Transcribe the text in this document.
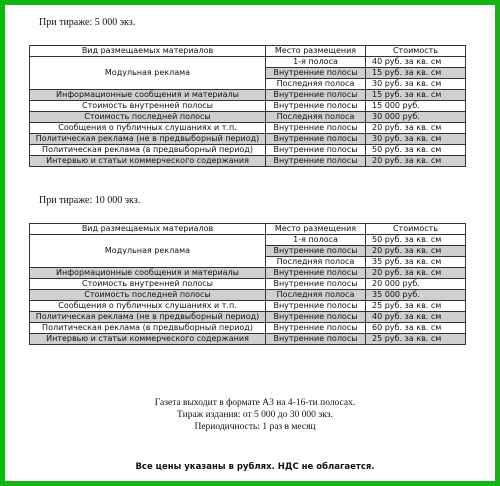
При тираже: 5 000 экз.
Вид размещаемых материалов	Место размещения	Стоимость
Модульная реклама	1-я полоса	40 руб. за кв. см
	Внутренние полосы	15 руб. за кв. см
	Последняя полоса	30 руб. за кв. см
Информационные сообщения и материалы	Внутренние полосы	15 руб. за кв. см
Стоимость внутренней полосы	Внутренние полосы	15 000 руб.
Стоимость последней полосы	Последняя полоса	30 000 руб.
Сообщения о публичных слушаниях и т.п.	Внутренние полосы	20 руб. за кв. см
Политическая реклама (не в предвыборный период)	Внутренние полосы	30 руб. за кв. см
Политическая реклама (в предвыборный период)	Внутренние полосы	50 руб. за кв. см
Интервью и статьи коммерческого содержания	Внутренние полосы	20 руб. за кв. см
При тираже: 10 000 экз.
Вид размещаемых материалов	Место размещения	Стоимость
Модульная реклама	1-я полоса	50 руб. за кв. см
	Внутренние полосы	20 руб. за кв. см
	Последняя полоса	35 руб. за кв. см
Информационные сообщения и материалы	Внутренние полосы	20 руб. за кв. см
Стоимость внутренней полосы	Внутренние полосы	20 000 руб.
Стоимость последней полосы	Последняя полоса	35 000 руб.
Сообщения о публичных слушаниях и т.п.	Внутренние полосы	25 руб. за кв. см
Политическая реклама (не в предвыборный период)	Внутренние полосы	40 руб. за кв. см
Политическая реклама (в предвыборный период)	Внутренние полосы	60 руб. за кв. см
Интервью и статьи коммерческого содержания	Внутренние полосы	25 руб. за кв. см
Газета выходит в формате А3 на 4-16-ти полосах.
Тираж издания: от 5 000 до 30 000 экз.
Периодичность: 1 раз в месяц
Все цены указаны в рублях. НДС не облагается.
